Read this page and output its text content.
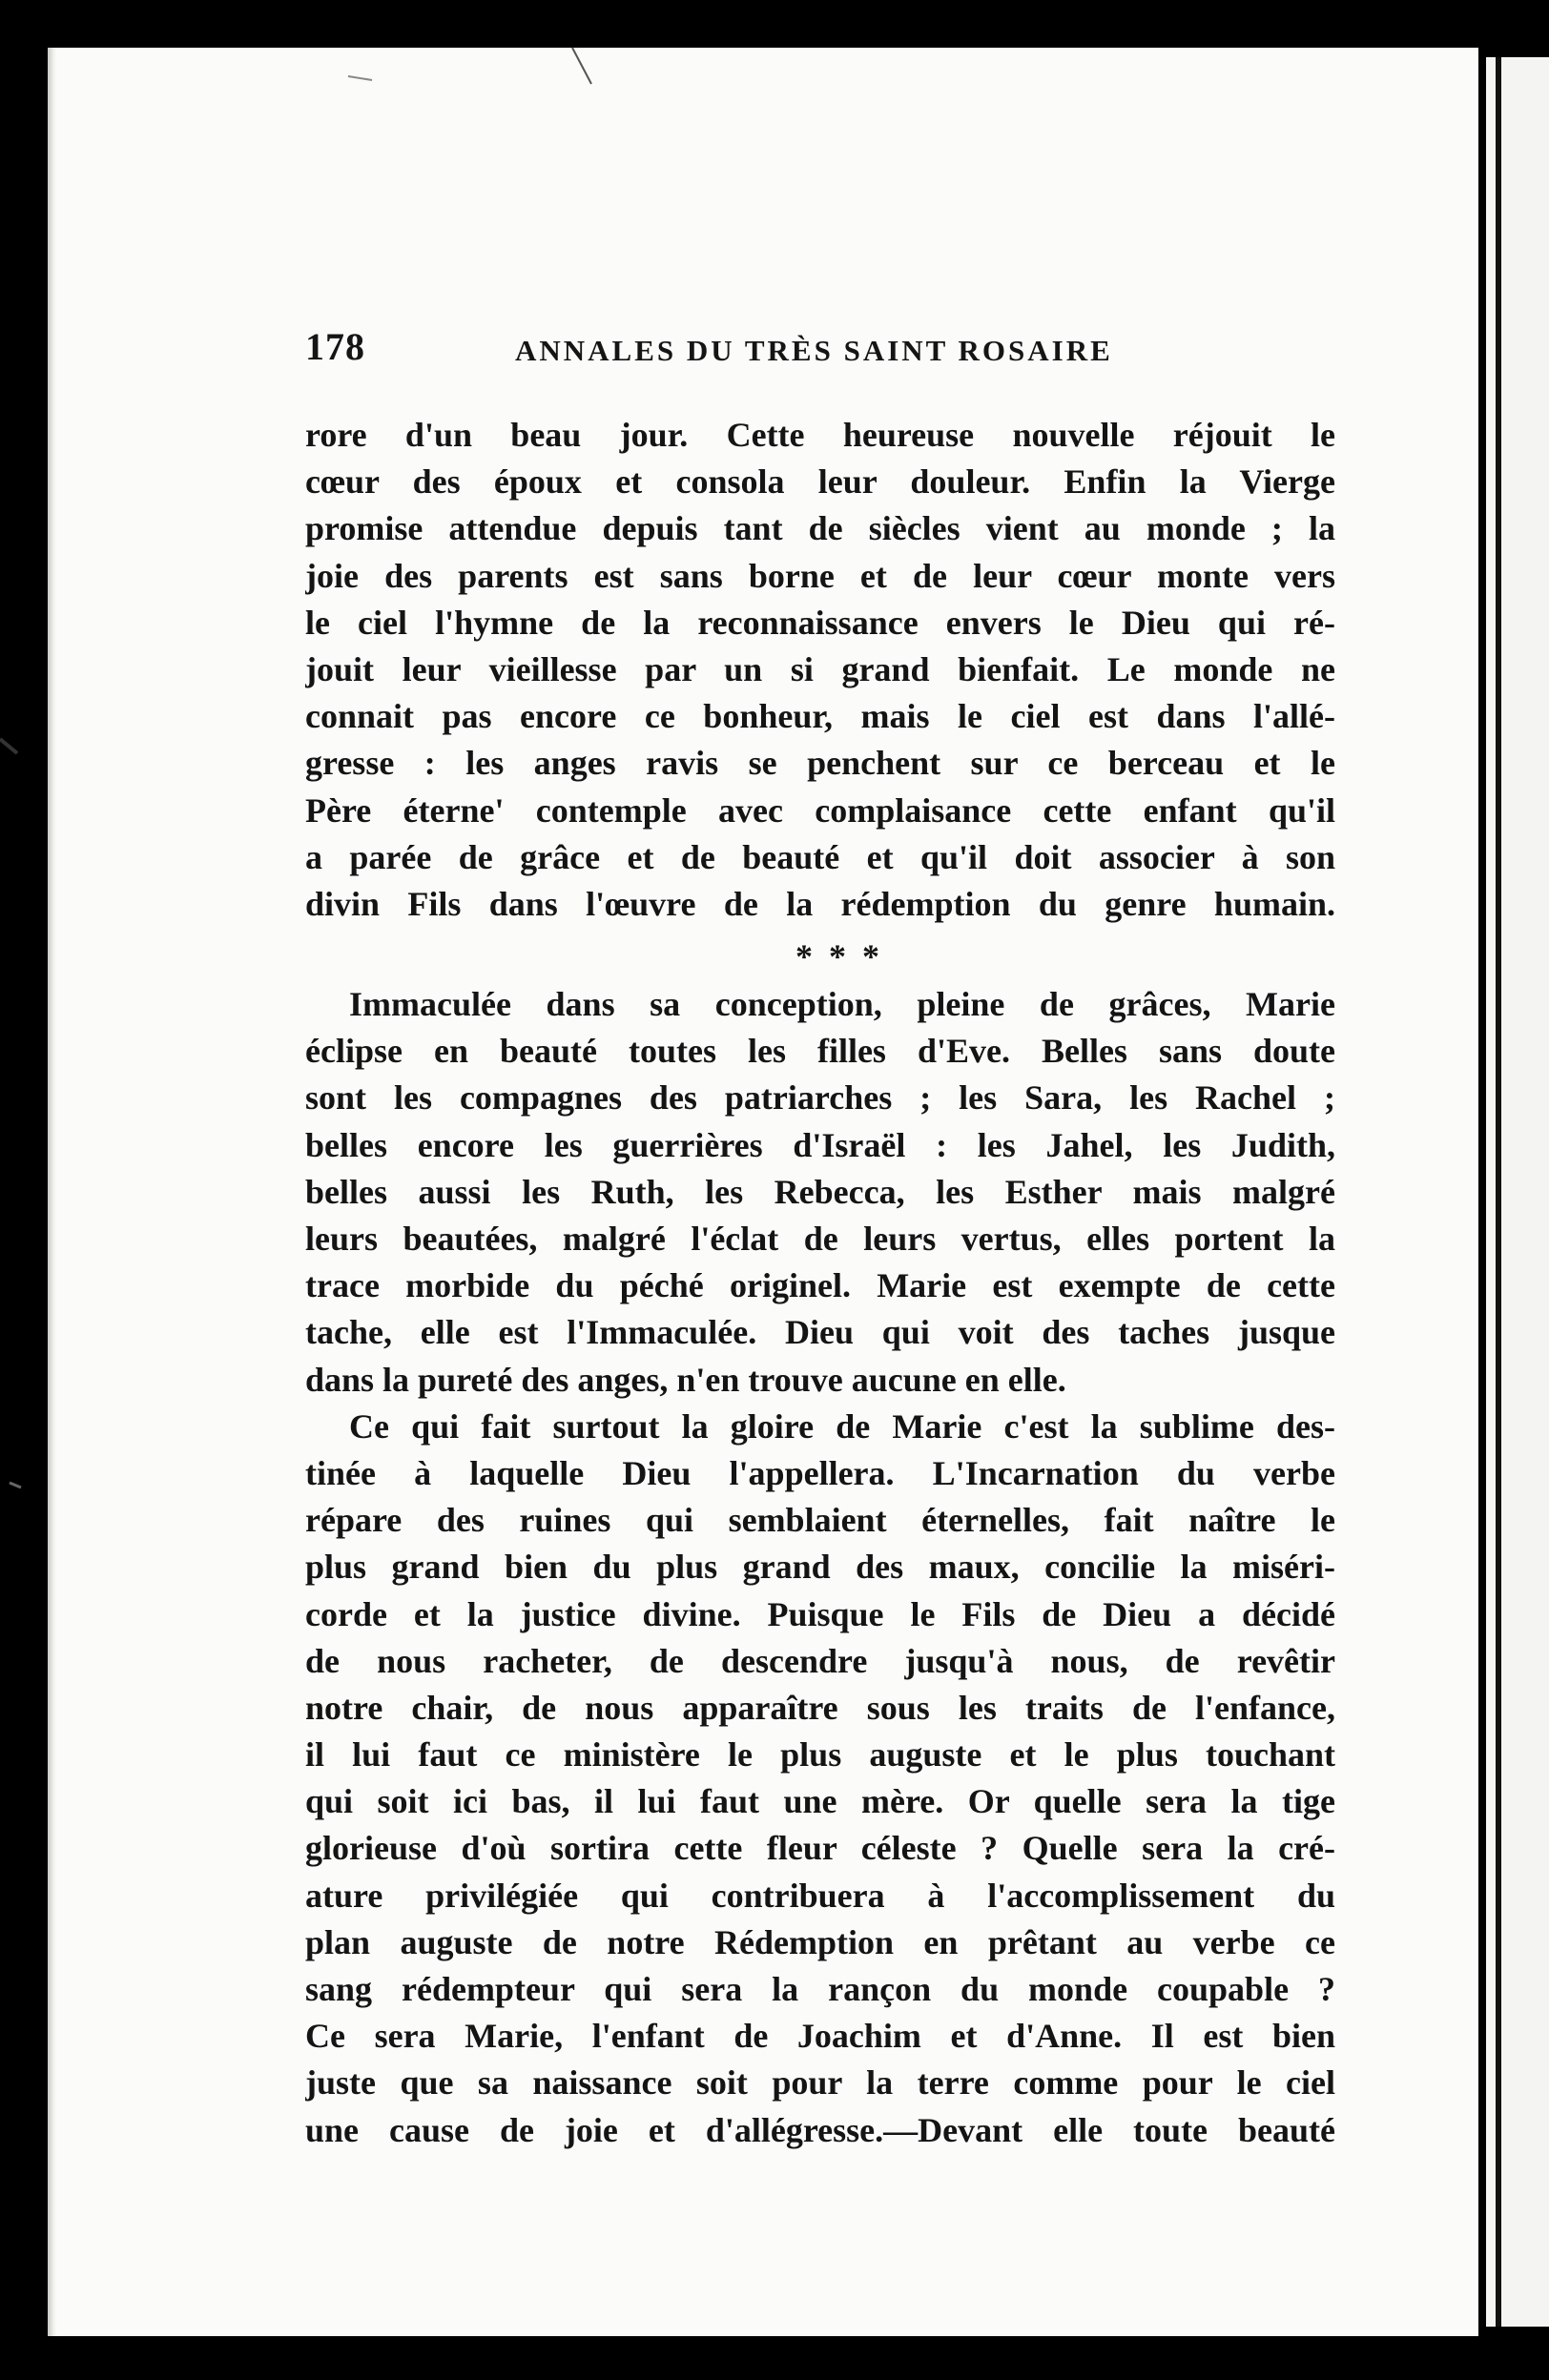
178	ANNALES DU TRÈS SAINT ROSAIRE

rore d'un beau jour. Cette heureuse nouvelle réjouit le
cœur des époux et consola leur douleur. Enfin la Vierge
promise attendue depuis tant de siècles vient au monde ; la
joie des parents est sans borne et de leur cœur monte vers
le ciel l'hymne de la reconnaissance envers le Dieu qui ré-
jouit leur vieillesse par un si grand bienfait. Le monde ne
connait pas encore ce bonheur, mais le ciel est dans l'allé-
gresse : les anges ravis se penchent sur ce berceau et le
Père éterne' contemple avec complaisance cette enfant qu'il
a parée de grâce et de beauté et qu'il doit associer à son
divin Fils dans l'œuvre de la rédemption du genre humain.

* * *

Immaculée dans sa conception, pleine de grâces, Marie
éclipse en beauté toutes les filles d'Eve. Belles sans doute
sont les compagnes des patriarches ; les Sara, les Rachel ;
belles encore les guerrières d'Israël : les Jahel, les Judith,
belles aussi les Ruth, les Rebecca, les Esther mais malgré
leurs beautées, malgré l'éclat de leurs vertus, elles portent la
trace morbide du péché originel. Marie est exempte de cette
tache, elle est l'Immaculée. Dieu qui voit des taches jusque
dans la pureté des anges, n'en trouve aucune en elle.

Ce qui fait surtout la gloire de Marie c'est la sublime des-
tinée à laquelle Dieu l'appellera. L'Incarnation du verbe
répare des ruines qui semblaient éternelles, fait naître le
plus grand bien du plus grand des maux, concilie la miséri-
corde et la justice divine. Puisque le Fils de Dieu a décidé
de nous racheter, de descendre jusqu'à nous, de revêtir
notre chair, de nous apparaître sous les traits de l'enfance,
il lui faut ce ministère le plus auguste et le plus touchant
qui soit ici bas, il lui faut une mère. Or quelle sera la tige
glorieuse d'où sortira cette fleur céleste ? Quelle sera la cré-
ature privilégiée qui contribuera à l'accomplissement du
plan auguste de notre Rédemption en prêtant au verbe ce
sang rédempteur qui sera la rançon du monde coupable ?
Ce sera Marie, l'enfant de Joachim et d'Anne. Il est bien
juste que sa naissance soit pour la terre comme pour le ciel
une cause de joie et d'allégresse.—Devant elle toute beauté
